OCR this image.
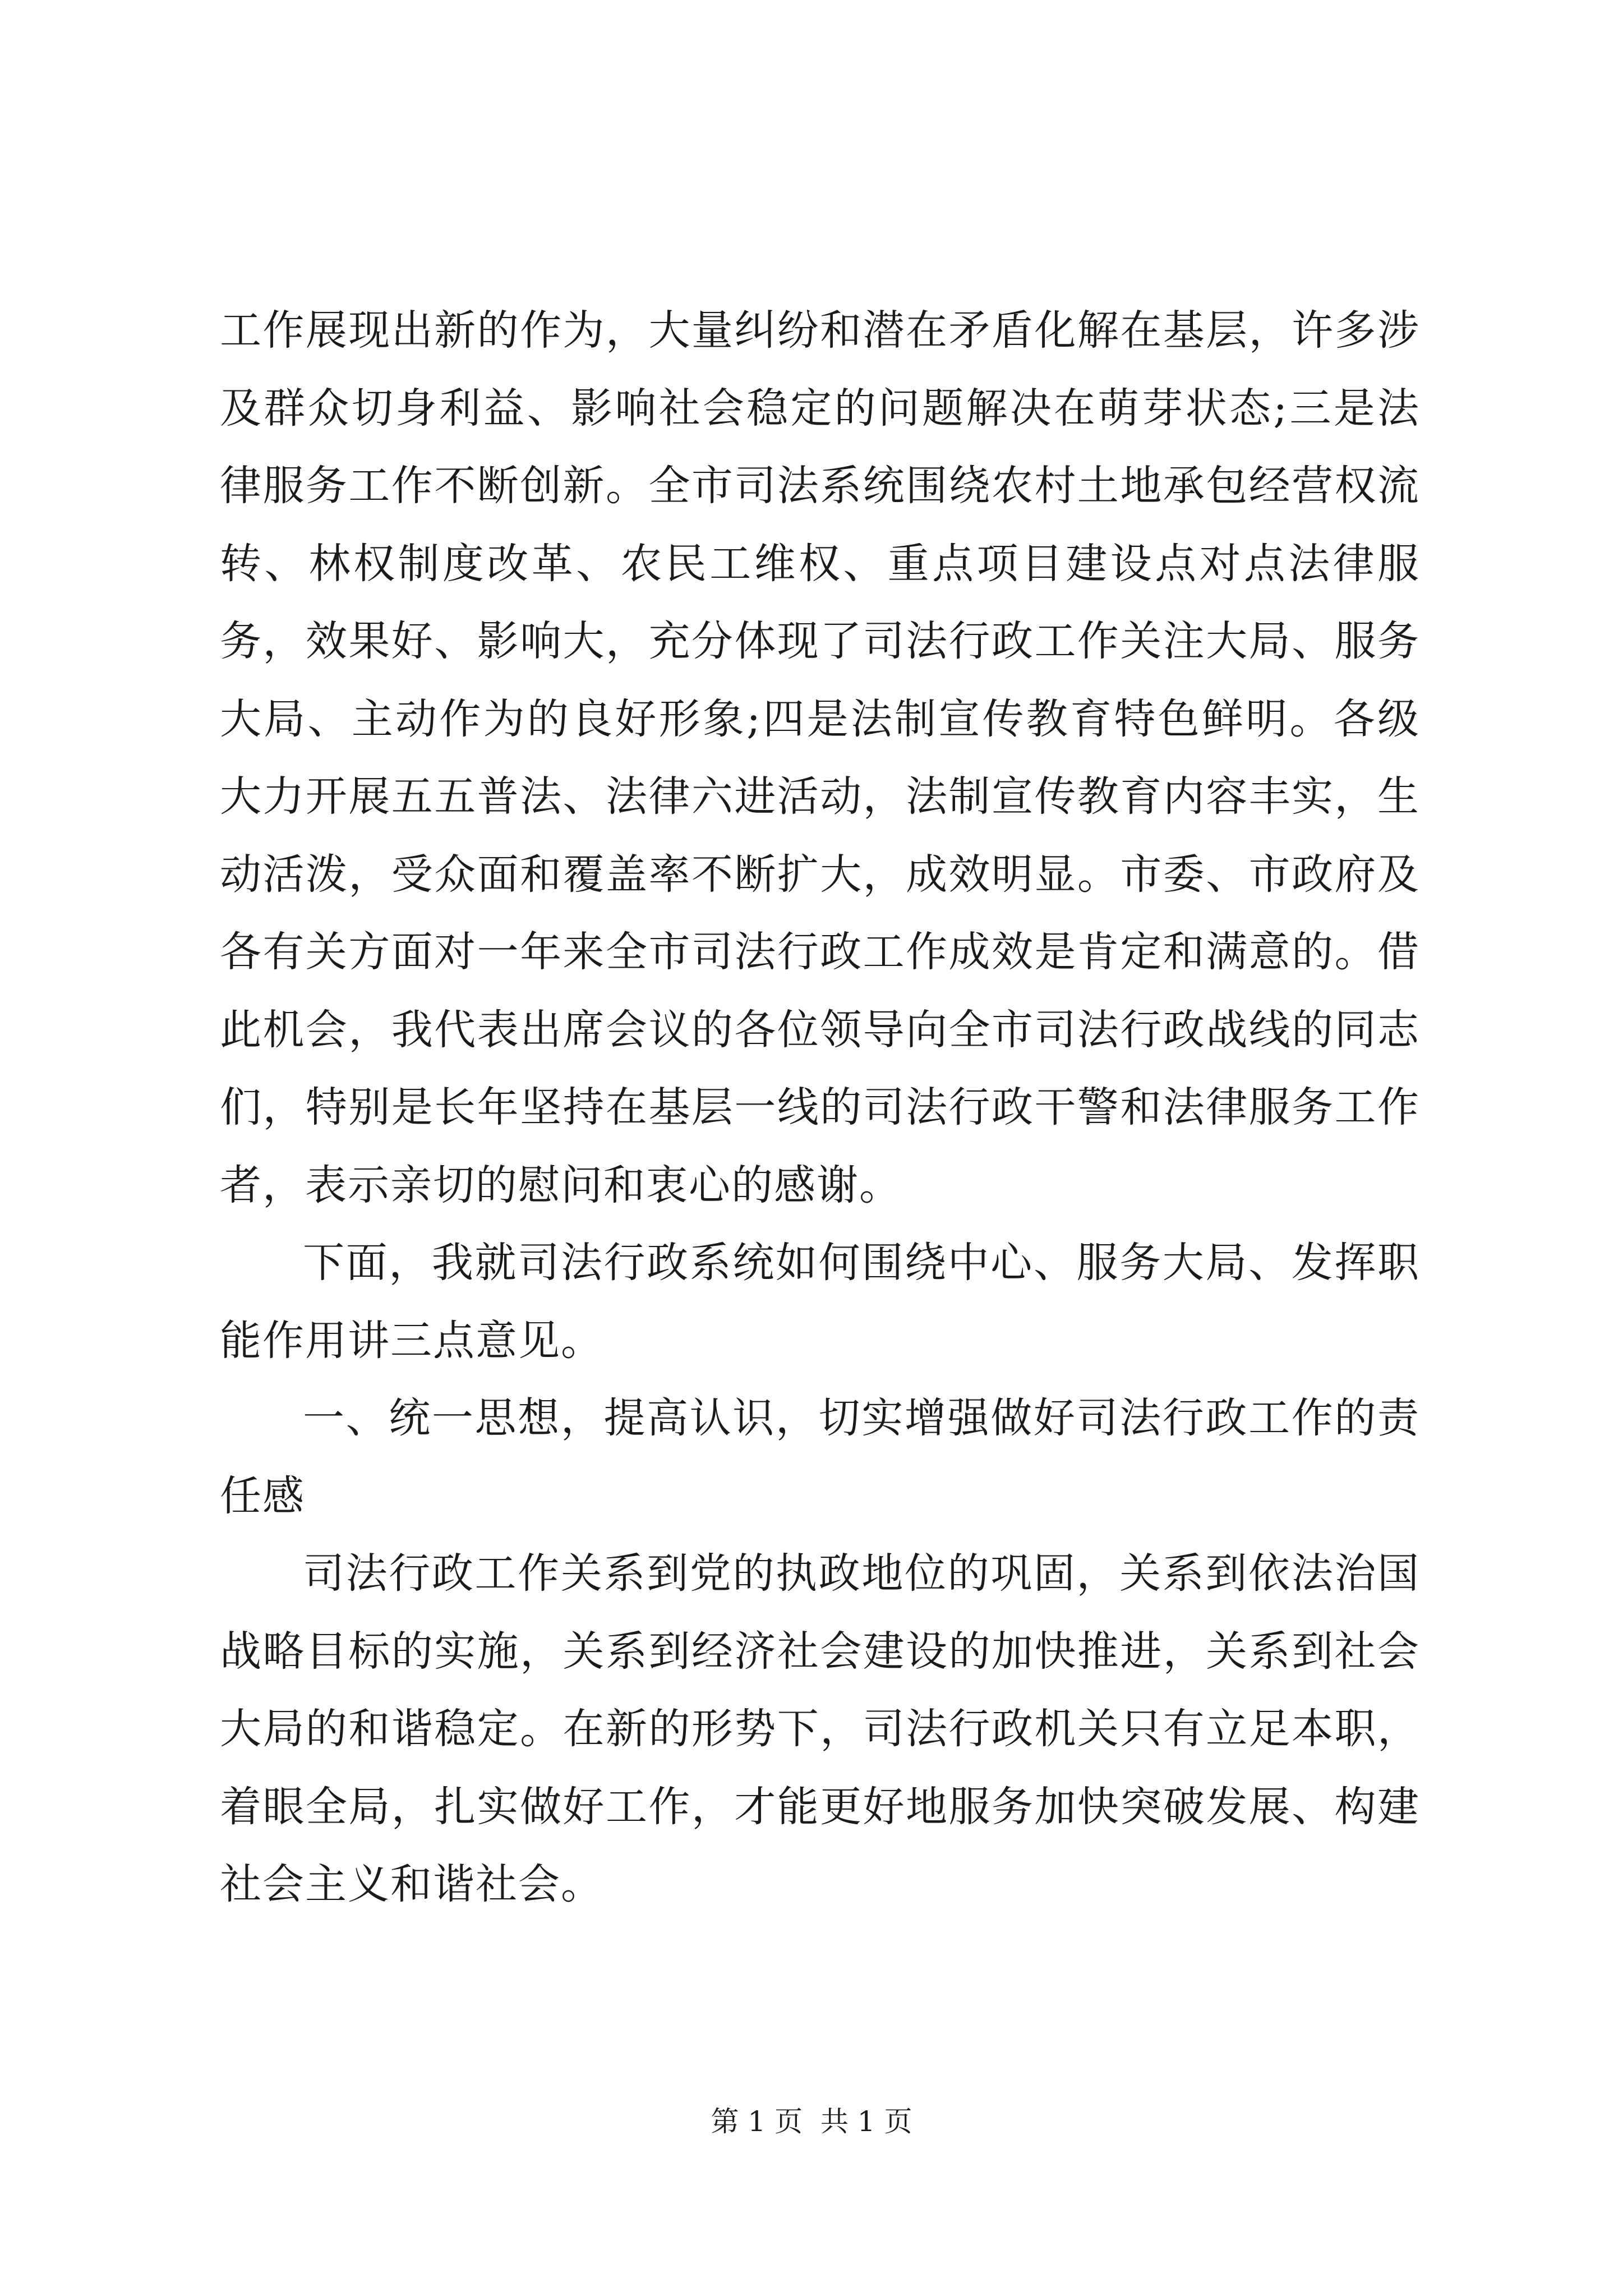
工作展现出新的作为，大量纠纷和潜在矛盾化解在基层，许多涉及群众切身利益、影响社会稳定的问题解决在萌芽状态;三是法律服务工作不断创新。全市司法系统围绕农村土地承包经营权流转、林权制度改革、农民工维权、重点项目建设点对点法律服务，效果好、影响大，充分体现了司法行政工作关注大局、服务大局、主动作为的良好形象;四是法制宣传教育特色鲜明。各级大力开展五五普法、法律六进活动，法制宣传教育内容丰实，生动活泼，受众面和覆盖率不断扩大，成效明显。市委、市政府及各有关方面对一年来全市司法行政工作成效是肯定和满意的。借此机会，我代表出席会议的各位领导向全市司法行政战线的同志们，特别是长年坚持在基层一线的司法行政干警和法律服务工作者，表示亲切的慰问和衷心的感谢。

下面，我就司法行政系统如何围绕中心、服务大局、发挥职能作用讲三点意见。

一、统一思想，提高认识，切实增强做好司法行政工作的责任感

司法行政工作关系到党的执政地位的巩固，关系到依法治国战略目标的实施，关系到经济社会建设的加快推进，关系到社会大局的和谐稳定。在新的形势下，司法行政机关只有立足本职，着眼全局，扎实做好工作，才能更好地服务加快突破发展、构建社会主义和谐社会。

第 1 页  共 1 页
